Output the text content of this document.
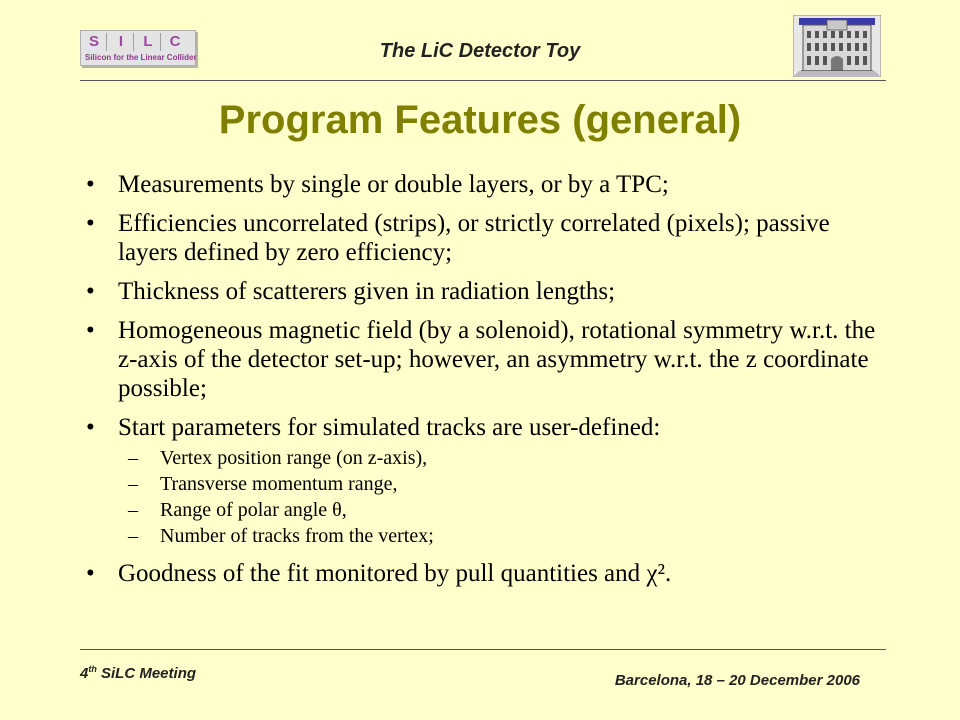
S	I	L	C
Silicon for the Linear Collider	The LiC Detector Toy
Program Features (general)
• Measurements by single or double layers, or by a TPC;
• Efficiencies uncorrelated (strips), or strictly correlated (pixels); passive layers defined by zero efficiency;
• Thickness of scatterers given in radiation lengths;
• Homogeneous magnetic field (by a solenoid), rotational symmetry w.r.t. the z-axis of the detector set-up; however, an asymmetry w.r.t. the z coordinate possible;
• Start parameters for simulated tracks are user-defined:
– Vertex position range (on z-axis),
– Transverse momentum range,
– Range of polar angle θ,
– Number of tracks from the vertex;
• Goodness of the fit monitored by pull quantities and χ².
4th SiLC Meeting	Barcelona, 18 – 20 December 2006
